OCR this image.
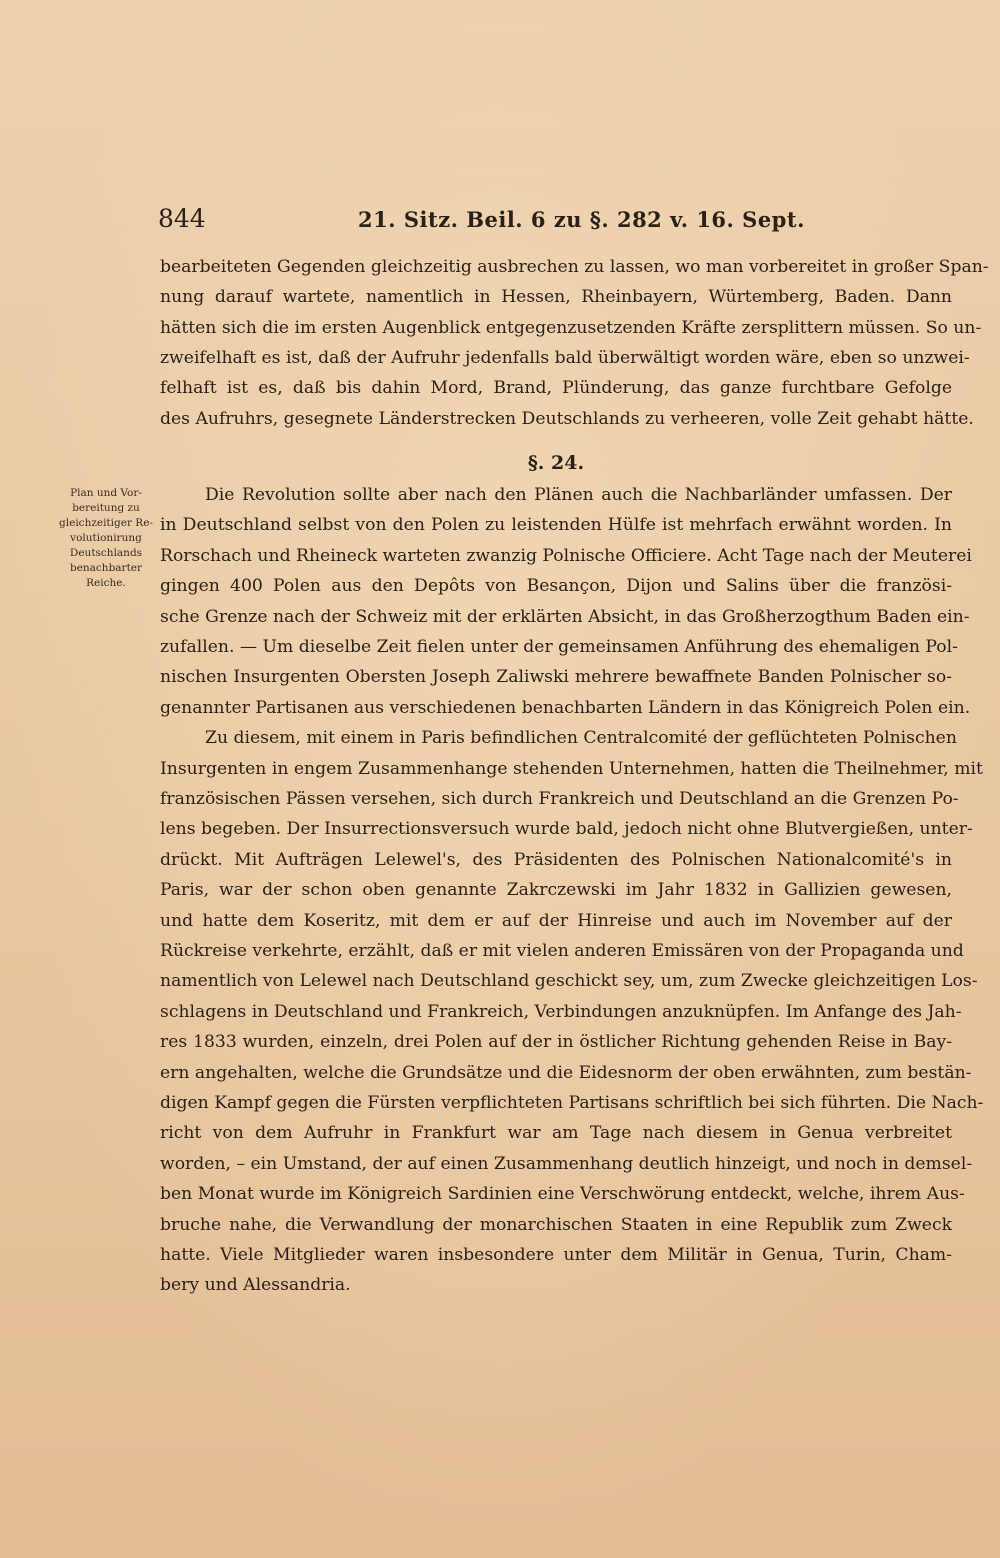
844	21. Sitz. Beil. 6 zu §. 282 v. 16. Sept.
bearbeiteten Gegenden gleichzeitig ausbrechen zu lassen, wo man vorbereitet in großer Span-
nung darauf wartete, namentlich in Hessen, Rheinbayern, Würtemberg, Baden. Dann
hätten sich die im ersten Augenblick entgegenzusetzenden Kräfte zersplittern müssen. So un-
zweifelhaft es ist, daß der Aufruhr jedenfalls bald überwältigt worden wäre, eben so unzwei-
felhaft ist es, daß bis dahin Mord, Brand, Plünderung, das ganze furchtbare Gefolge
des Aufruhrs, gesegnete Länderstrecken Deutschlands zu verheeren, volle Zeit gehabt hätte.
§. 24.
Plan und Vor-
bereitung zu
gleichzeitiger Re-
volutionirung
Deutschlands
benachbarter
Reiche.
Die Revolution sollte aber nach den Plänen auch die Nachbarländer umfassen. Der
in Deutschland selbst von den Polen zu leistenden Hülfe ist mehrfach erwähnt worden. In
Rorschach und Rheineck warteten zwanzig Polnische Officiere. Acht Tage nach der Meuterei
gingen 400 Polen aus den Depôts von Besançon, Dijon und Salins über die französi-
sche Grenze nach der Schweiz mit der erklärten Absicht, in das Großherzogthum Baden ein-
zufallen. — Um dieselbe Zeit fielen unter der gemeinsamen Anführung des ehemaligen Pol-
nischen Insurgenten Obersten Joseph Zaliwski mehrere bewaffnete Banden Polnischer so-
genannter Partisanen aus verschiedenen benachbarten Ländern in das Königreich Polen ein.
Zu diesem, mit einem in Paris befindlichen Centralcomité der geflüchteten Polnischen
Insurgenten in engem Zusammenhange stehenden Unternehmen, hatten die Theilnehmer, mit
französischen Pässen versehen, sich durch Frankreich und Deutschland an die Grenzen Po-
lens begeben. Der Insurrectionsversuch wurde bald, jedoch nicht ohne Blutvergießen, unter-
drückt. Mit Aufträgen Lelewel's, des Präsidenten des Polnischen Nationalcomité's in
Paris, war der schon oben genannte Zakrczewski im Jahr 1832 in Gallizien gewesen,
und hatte dem Koseritz, mit dem er auf der Hinreise und auch im November auf der
Rückreise verkehrte, erzählt, daß er mit vielen anderen Emissären von der Propaganda und
namentlich von Lelewel nach Deutschland geschickt sey, um, zum Zwecke gleichzeitigen Los-
schlagens in Deutschland und Frankreich, Verbindungen anzuknüpfen. Im Anfange des Jah-
res 1833 wurden, einzeln, drei Polen auf der in östlicher Richtung gehenden Reise in Bay-
ern angehalten, welche die Grundsätze und die Eidesnorm der oben erwähnten, zum bestän-
digen Kampf gegen die Fürsten verpflichteten Partisans schriftlich bei sich führten. Die Nach-
richt von dem Aufruhr in Frankfurt war am Tage nach diesem in Genua verbreitet
worden, – ein Umstand, der auf einen Zusammenhang deutlich hinzeigt, und noch in demsel-
ben Monat wurde im Königreich Sardinien eine Verschwörung entdeckt, welche, ihrem Aus-
bruche nahe, die Verwandlung der monarchischen Staaten in eine Republik zum Zweck
hatte. Viele Mitglieder waren insbesondere unter dem Militär in Genua, Turin, Cham-
bery und Alessandria.
